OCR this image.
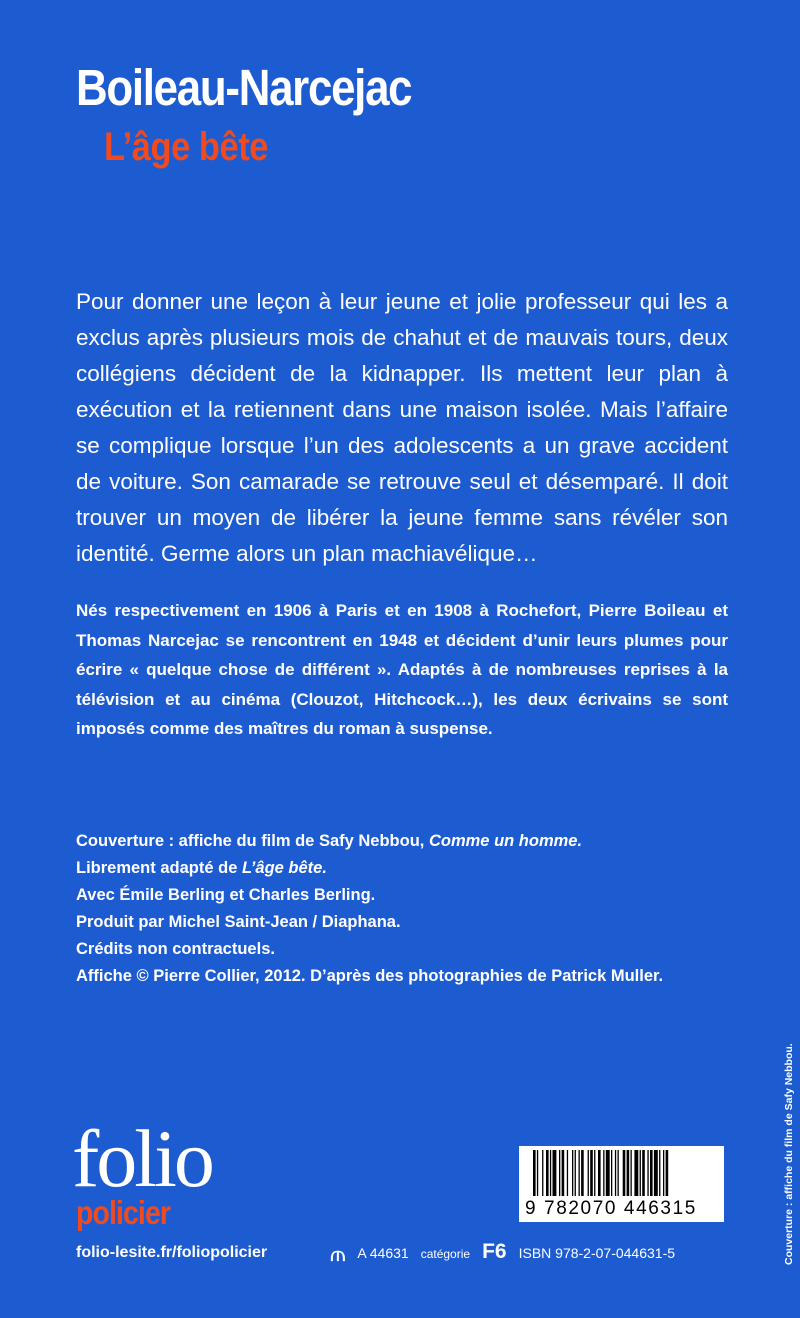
Boileau-Narcejac
L’âge bête
Pour donner une leçon à leur jeune et jolie professeur qui les a exclus après plusieurs mois de chahut et de mauvais tours, deux collégiens décident de la kidnapper. Ils mettent leur plan à exécution et la retiennent dans une maison isolée. Mais l’affaire se complique lorsque l’un des adolescents a un grave accident de voiture. Son camarade se retrouve seul et désemparé. Il doit trouver un moyen de libérer la jeune femme sans révéler son identité. Germe alors un plan machiavélique…
Nés respectivement en 1906 à Paris et en 1908 à Rochefort, Pierre Boileau et Thomas Narcejac se rencontrent en 1948 et décident d’unir leurs plumes pour écrire « quelque chose de différent ». Adaptés à de nombreuses reprises à la télévision et au cinéma (Clouzot, Hitchcock…), les deux écrivains se sont imposés comme des maîtres du roman à suspense.
Couverture : affiche du film de Safy Nebbou, Comme un homme.
Librement adapté de L’âge bête.
Avec Émile Berling et Charles Berling.
Produit par Michel Saint-Jean / Diaphana.
Crédits non contractuels.
Affiche © Pierre Collier, 2012. D’après des photographies de Patrick Muller.
folio
policier
folio-lesite.fr/foliopolicier	⫙ A 44631 catégorie F6 ISBN 978-2-07-044631-5
9 782070 446315	Couverture : affiche du film de Safy Nebbou.
